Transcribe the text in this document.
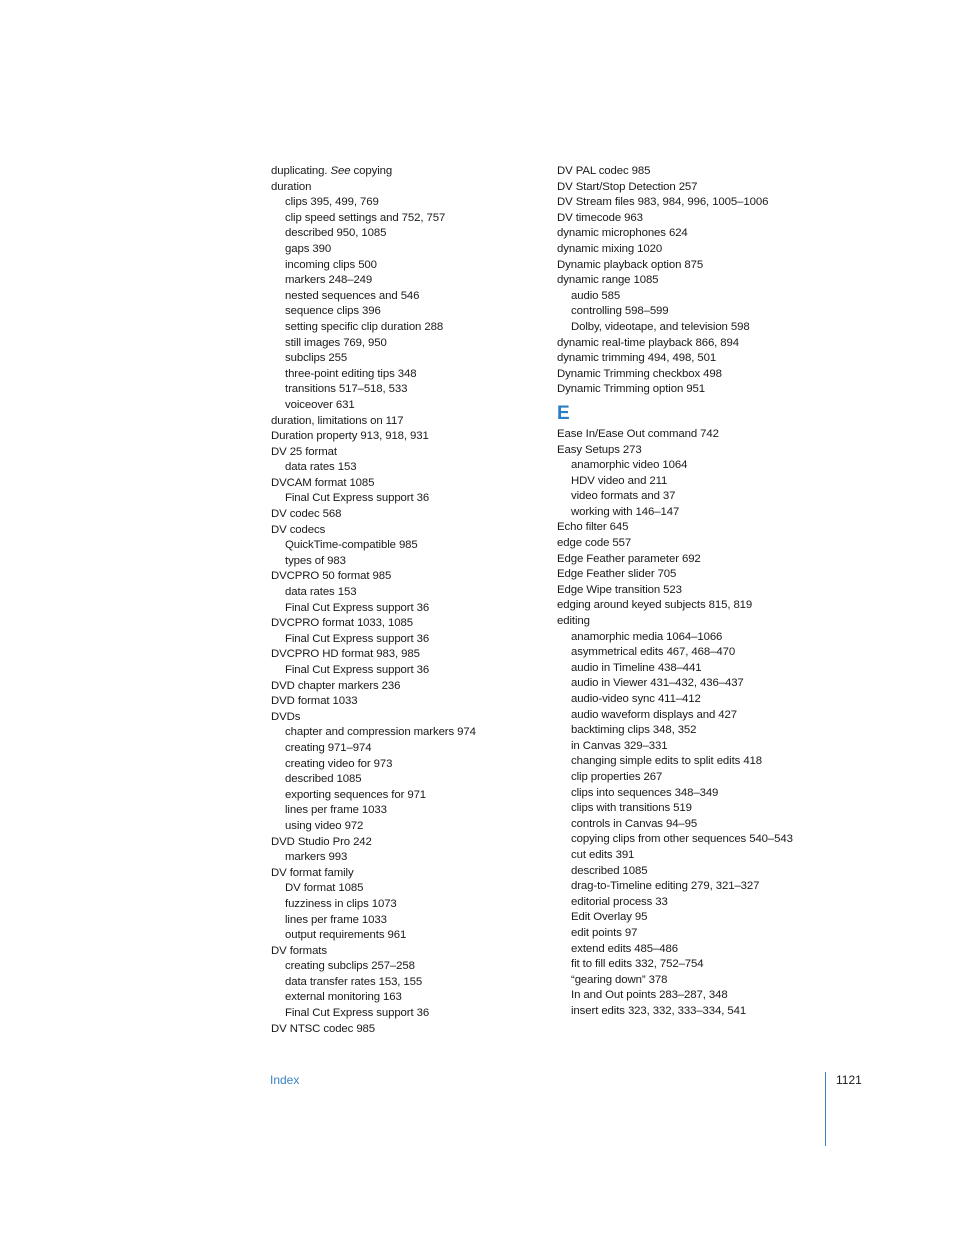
duplicating. See copying
duration
clips 395, 499, 769
clip speed settings and 752, 757
described 950, 1085
gaps 390
incoming clips 500
markers 248–249
nested sequences and 546
sequence clips 396
setting specific clip duration 288
still images 769, 950
subclips 255
three-point editing tips 348
transitions 517–518, 533
voiceover 631
duration, limitations on 117
Duration property 913, 918, 931
DV 25 format
data rates 153
DVCAM format 1085
Final Cut Express support 36
DV codec 568
DV codecs
QuickTime-compatible 985
types of 983
DVCPRO 50 format 985
data rates 153
Final Cut Express support 36
DVCPRO format 1033, 1085
Final Cut Express support 36
DVCPRO HD format 983, 985
Final Cut Express support 36
DVD chapter markers 236
DVD format 1033
DVDs
chapter and compression markers 974
creating 971–974
creating video for 973
described 1085
exporting sequences for 971
lines per frame 1033
using video 972
DVD Studio Pro 242
markers 993
DV format family
DV format 1085
fuzziness in clips 1073
lines per frame 1033
output requirements 961
DV formats
creating subclips 257–258
data transfer rates 153, 155
external monitoring 163
Final Cut Express support 36
DV NTSC codec 985
DV PAL codec 985
DV Start/Stop Detection 257
DV Stream files 983, 984, 996, 1005–1006
DV timecode 963
dynamic microphones 624
dynamic mixing 1020
Dynamic playback option 875
dynamic range 1085
audio 585
controlling 598–599
Dolby, videotape, and television 598
dynamic real-time playback 866, 894
dynamic trimming 494, 498, 501
Dynamic Trimming checkbox 498
Dynamic Trimming option 951
E
Ease In/Ease Out command 742
Easy Setups 273
anamorphic video 1064
HDV video and 211
video formats and 37
working with 146–147
Echo filter 645
edge code 557
Edge Feather parameter 692
Edge Feather slider 705
Edge Wipe transition 523
edging around keyed subjects 815, 819
editing
anamorphic media 1064–1066
asymmetrical edits 467, 468–470
audio in Timeline 438–441
audio in Viewer 431–432, 436–437
audio-video sync 411–412
audio waveform displays and 427
backtiming clips 348, 352
in Canvas 329–331
changing simple edits to split edits 418
clip properties 267
clips into sequences 348–349
clips with transitions 519
controls in Canvas 94–95
copying clips from other sequences 540–543
cut edits 391
described 1085
drag-to-Timeline editing 279, 321–327
editorial process 33
Edit Overlay 95
edit points 97
extend edits 485–486
fit to fill edits 332, 752–754
“gearing down” 378
In and Out points 283–287, 348
insert edits 323, 332, 333–334, 541
Index	1121
